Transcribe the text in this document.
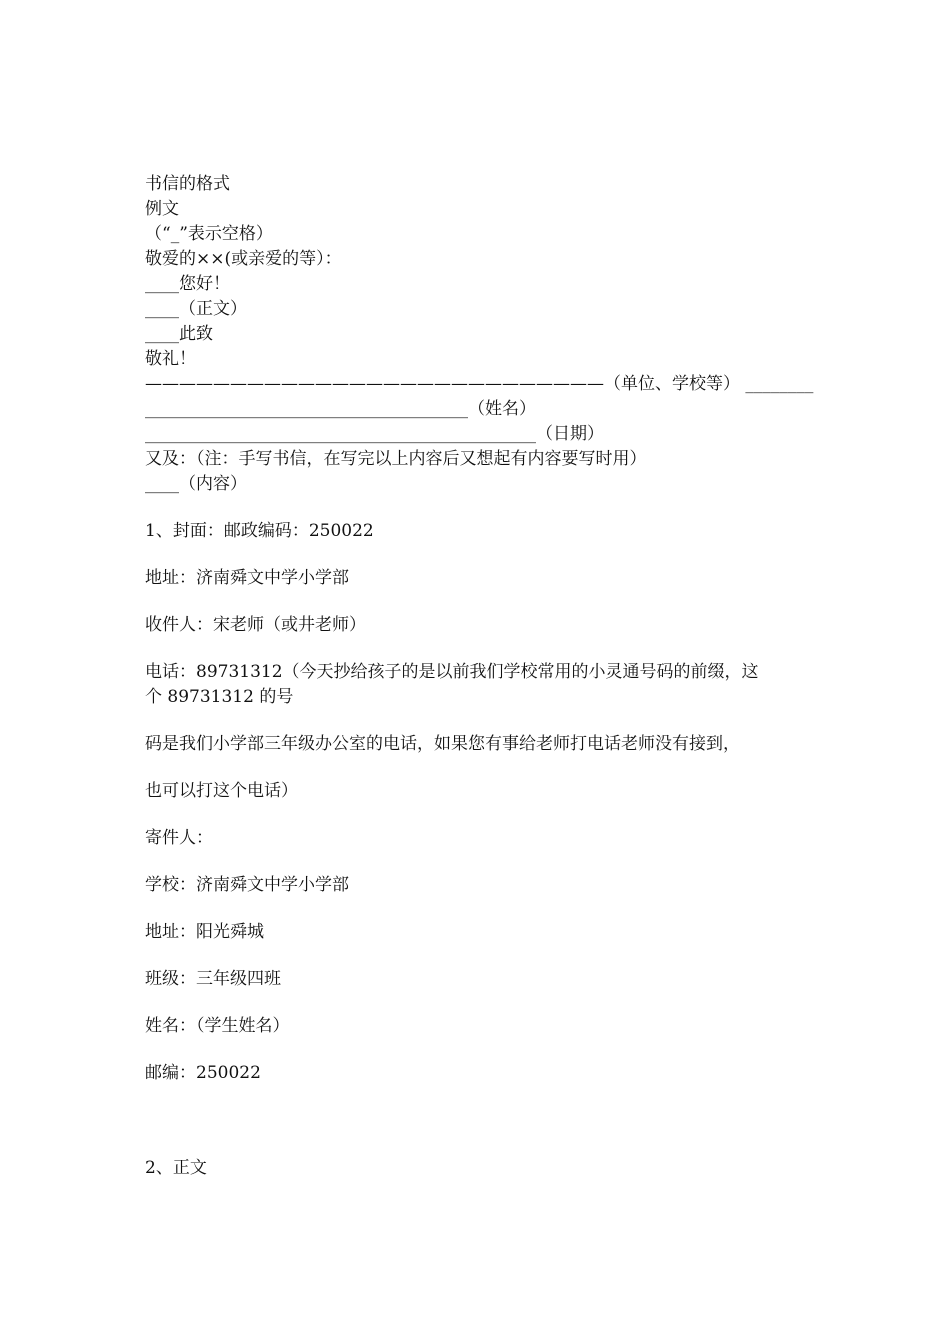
书信的格式
例文
（“_”表示空格）
敬爱的××(或亲爱的等）：
____您好！
____（正文）
____此致
敬礼！
———————————————————————————（单位、学校等） ________
______________________________________（姓名）
______________________________________________（日期）
又及：（注：手写书信，在写完以上内容后又想起有内容要写时用）
____（内容）
1、封面：邮政编码：250022
地址：济南舜文中学小学部
收件人：宋老师（或井老师）
电话：89731312（今天抄给孩子的是以前我们学校常用的小灵通号码的前缀，这
个 89731312 的号
码是我们小学部三年级办公室的电话，如果您有事给老师打电话老师没有接到，
也可以打这个电话）
寄件人：
学校：济南舜文中学小学部
地址：阳光舜城
班级：三年级四班
姓名：（学生姓名）
邮编：250022
2、正文
